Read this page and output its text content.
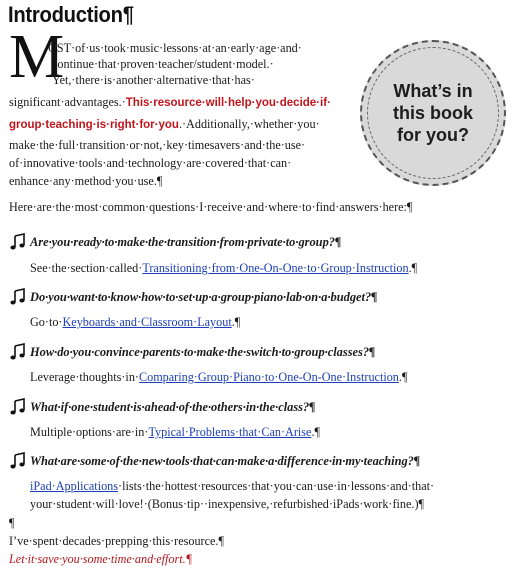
Introduction¶
M
OST·of·us·took·music·lessons·at·an·early·age·and·
continue·that·proven·teacher/student·model.·
Yet,·there·is·another·alternative·that·has·
significant·advantages.·This·resource·will·help·you·decide·if·
group·teaching·is·right·for·you.·Additionally,·whether·you·
make·the·full·transition·or·not,·key·timesavers·and·the·use·
of·innovative·tools·and·technology·are·covered·that·can·
enhance·any·method·you·use.¶
What’s in
this book
for you?
Here·are·the·most·common·questions·I·receive·and·where·to·find·answers·here:¶
Are·you·ready·to·make·the·transition·from·private·to·group?¶
See·the·section·called·Transitioning·from·One-On-One·to·Group·Instruction.¶
Do·you·want·to·know·how·to·set·up·a·group·piano·lab·on·a·budget?¶
Go·to·Keyboards·and·Classroom·Layout.¶
How·do·you·convince·parents·to·make·the·switch·to·group·classes?¶
Leverage·thoughts·in·Comparing·Group·Piano·to·One-On-One·Instruction.¶
What·if·one·student·is·ahead·of·the·others·in·the·class?¶
Multiple·options·are·in·Typical·Problems·that·Can·Arise.¶
What·are·some·of·the·new·tools·that·can·make·a·difference·in·my·teaching?¶
iPad·Applications·lists·the·hottest·resources·that·you·can·use·in·lessons·and·that·
your·student·will·love!·(Bonus·tip··inexpensive,·refurbished·iPads·work·fine.)¶
¶
I’ve·spent·decades·prepping·this·resource.¶
Let·it·save·you·some·time·and·effort.¶
